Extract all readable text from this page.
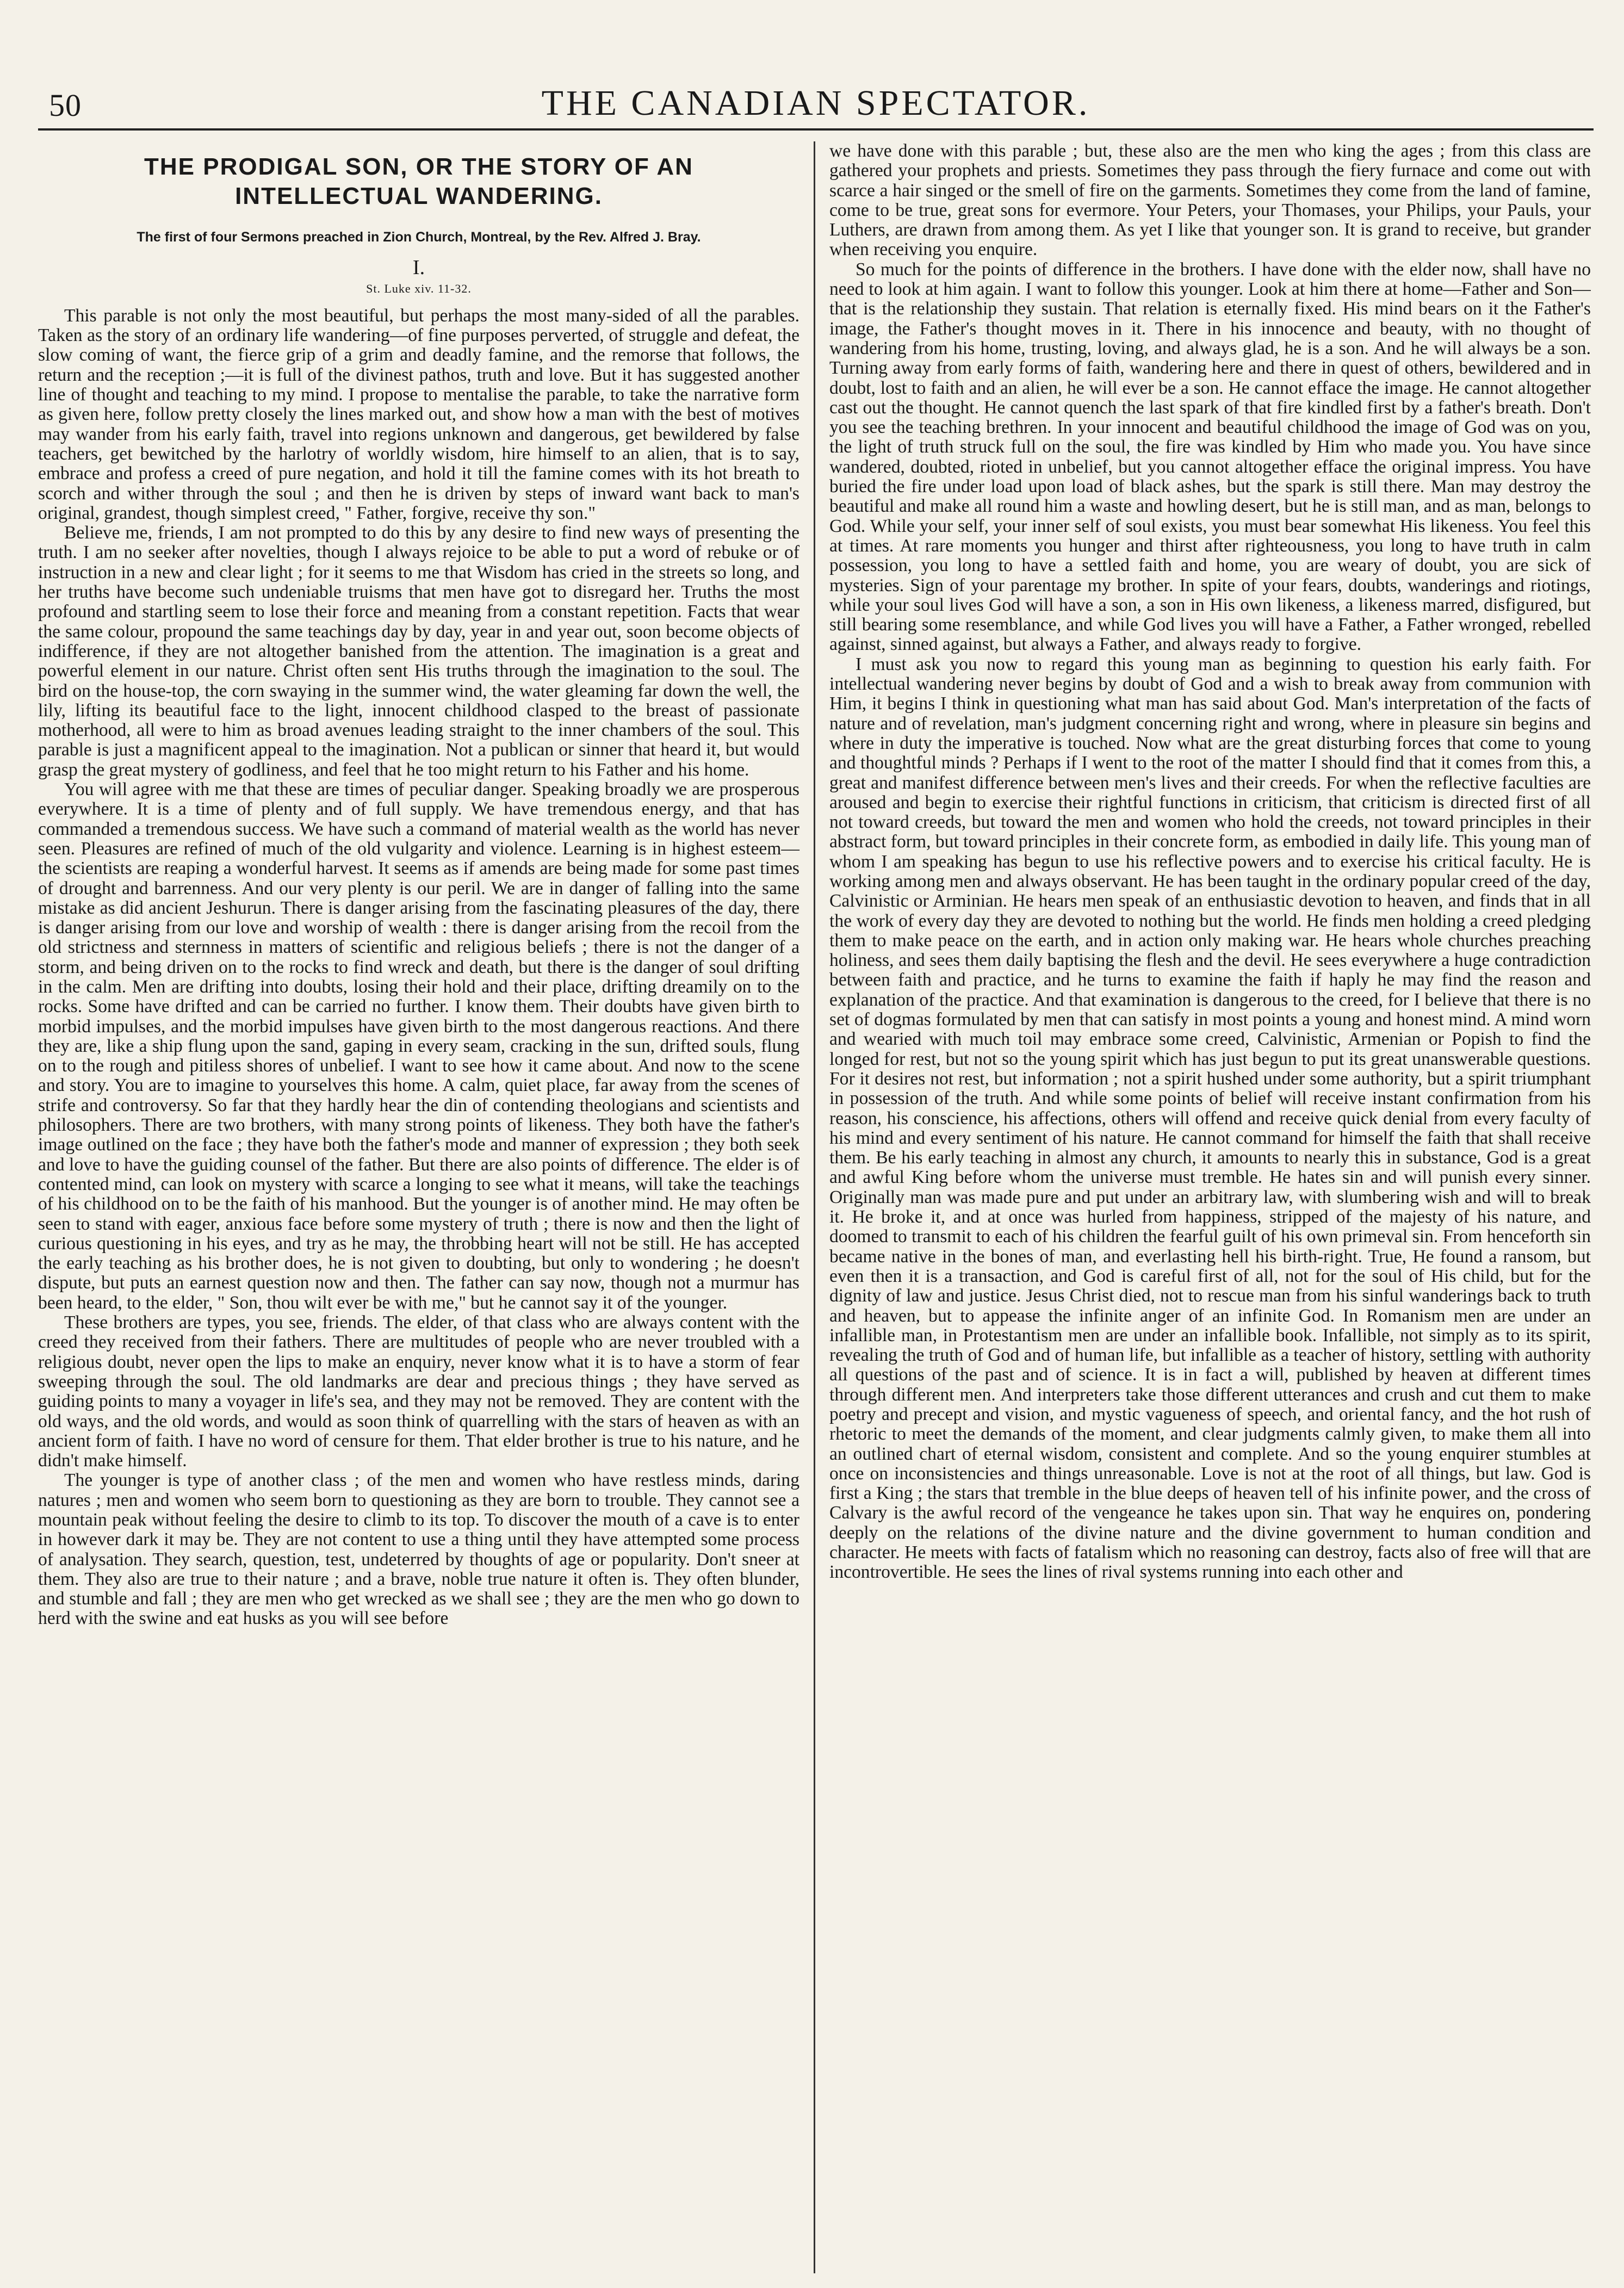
50	THE CANADIAN SPECTATOR.
THE PRODIGAL SON, OR THE STORY OF AN INTELLECTUAL WANDERING.
The first of four Sermons preached in Zion Church, Montreal, by the Rev. Alfred J. Bray.
I.
St. Luke xiv. 11-32.

This parable is not only the most beautiful, but perhaps the most many-sided of all the parables. Taken as the story of an ordinary life wandering—of fine purposes perverted, of struggle and defeat, the slow coming of want, the fierce grip of a grim and deadly famine, and the remorse that follows, the return and the reception ;—it is full of the divinest pathos, truth and love. But it has suggested another line of thought and teaching to my mind. I propose to mentalise the parable, to take the narrative form as given here, follow pretty closely the lines marked out, and show how a man with the best of motives may wander from his early faith, travel into regions unknown and dangerous, get bewildered by false teachers, get bewitched by the harlotry of worldly wisdom, hire himself to an alien, that is to say, embrace and profess a creed of pure negation, and hold it till the famine comes with its hot breath to scorch and wither through the soul ; and then he is driven by steps of inward want back to man's original, grandest, though simplest creed, " Father, forgive, receive thy son."

Believe me, friends, I am not prompted to do this by any desire to find new ways of presenting the truth. I am no seeker after novelties, though I always rejoice to be able to put a word of rebuke or of instruction in a new and clear light ; for it seems to me that Wisdom has cried in the streets so long, and her truths have become such undeniable truisms that men have got to disregard her. Truths the most profound and startling seem to lose their force and meaning from a constant repetition. Facts that wear the same colour, propound the same teachings day by day, year in and year out, soon become objects of indifference, if they are not altogether banished from the attention. The imagination is a great and powerful element in our nature. Christ often sent His truths through the imagination to the soul. The bird on the house-top, the corn swaying in the summer wind, the water gleaming far down the well, the lily, lifting its beautiful face to the light, innocent childhood clasped to the breast of passionate motherhood, all were to him as broad avenues leading straight to the inner chambers of the soul. This parable is just a magnificent appeal to the imagination. Not a publican or sinner that heard it, but would grasp the great mystery of godliness, and feel that he too might return to his Father and his home.

You will agree with me that these are times of peculiar danger. Speaking broadly we are prosperous everywhere. It is a time of plenty and of full supply. We have tremendous energy, and that has commanded a tremendous success. We have such a command of material wealth as the world has never seen. Pleasures are refined of much of the old vulgarity and violence. Learning is in highest esteem—the scientists are reaping a wonderful harvest. It seems as if amends are being made for some past times of drought and barrenness. And our very plenty is our peril. We are in danger of falling into the same mistake as did ancient Jeshurun. There is danger arising from the fascinating pleasures of the day, there is danger arising from our love and worship of wealth : there is danger arising from the recoil from the old strictness and sternness in matters of scientific and religious beliefs ; there is not the danger of a storm, and being driven on to the rocks to find wreck and death, but there is the danger of soul drifting in the calm. Men are drifting into doubts, losing their hold and their place, drifting dreamily on to the rocks. Some have drifted and can be carried no further. I know them. Their doubts have given birth to morbid impulses, and the morbid impulses have given birth to the most dangerous reactions. And there they are, like a ship flung upon the sand, gaping in every seam, cracking in the sun, drifted souls, flung on to the rough and pitiless shores of unbelief. I want to see how it came about. And now to the scene and story. You are to imagine to yourselves this home. A calm, quiet place, far away from the scenes of strife and controversy. So far that they hardly hear the din of contending theologians and scientists and philosophers. There are two brothers, with many strong points of likeness. They both have the father's image outlined on the face ; they have both the father's mode and manner of expression ; they both seek and love to have the guiding counsel of the father. But there are also points of difference. The elder is of contented mind, can look on mystery with scarce a longing to see what it means, will take the teachings of his childhood on to be the faith of his manhood. But the younger is of another mind. He may often be seen to stand with eager, anxious face before some mystery of truth ; there is now and then the light of curious questioning in his eyes, and try as he may, the throbbing heart will not be still. He has accepted the early teaching as his brother does, he is not given to doubting, but only to wondering ; he doesn't dispute, but puts an earnest question now and then. The father can say now, though not a murmur has been heard, to the elder, " Son, thou wilt ever be with me," but he cannot say it of the younger.

These brothers are types, you see, friends. The elder, of that class who are always content with the creed they received from their fathers. There are multitudes of people who are never troubled with a religious doubt, never open the lips to make an enquiry, never know what it is to have a storm of fear sweeping through the soul. The old landmarks are dear and precious things ; they have served as guiding points to many a voyager in life's sea, and they may not be removed. They are content with the old ways, and the old words, and would as soon think of quarrelling with the stars of heaven as with an ancient form of faith. I have no word of censure for them. That elder brother is true to his nature, and he didn't make himself.

The younger is type of another class ; of the men and women who have restless minds, daring natures ; men and women who seem born to questioning as they are born to trouble. They cannot see a mountain peak without feeling the desire to climb to its top. To discover the mouth of a cave is to enter in however dark it may be. They are not content to use a thing until they have attempted some process of analysation. They search, question, test, undeterred by thoughts of age or popularity. Don't sneer at them. They also are true to their nature ; and a brave, noble true nature it often is. They often blunder, and stumble and fall ; they are men who get wrecked as we shall see ; they are the men who go down to herd with the swine and eat husks as you will see before

we have done with this parable ; but, these also are the men who king the ages ; from this class are gathered your prophets and priests. Sometimes they pass through the fiery furnace and come out with scarce a hair singed or the smell of fire on the garments. Sometimes they come from the land of famine, come to be true, great sons for evermore. Your Peters, your Thomases, your Philips, your Pauls, your Luthers, are drawn from among them. As yet I like that younger son. It is grand to receive, but grander when receiving you enquire.

So much for the points of difference in the brothers. I have done with the elder now, shall have no need to look at him again. I want to follow this younger. Look at him there at home—Father and Son—that is the relationship they sustain. That relation is eternally fixed. His mind bears on it the Father's image, the Father's thought moves in it. There in his innocence and beauty, with no thought of wandering from his home, trusting, loving, and always glad, he is a son. And he will always be a son. Turning away from early forms of faith, wandering here and there in quest of others, bewildered and in doubt, lost to faith and an alien, he will ever be a son. He cannot efface the image. He cannot altogether cast out the thought. He cannot quench the last spark of that fire kindled first by a father's breath. Don't you see the teaching brethren. In your innocent and beautiful childhood the image of God was on you, the light of truth struck full on the soul, the fire was kindled by Him who made you. You have since wandered, doubted, rioted in unbelief, but you cannot altogether efface the original impress. You have buried the fire under load upon load of black ashes, but the spark is still there. Man may destroy the beautiful and make all round him a waste and howling desert, but he is still man, and as man, belongs to God. While your self, your inner self of soul exists, you must bear somewhat His likeness. You feel this at times. At rare moments you hunger and thirst after righteousness, you long to have truth in calm possession, you long to have a settled faith and home, you are weary of doubt, you are sick of mysteries. Sign of your parentage my brother. In spite of your fears, doubts, wanderings and riotings, while your soul lives God will have a son, a son in His own likeness, a likeness marred, disfigured, but still bearing some resemblance, and while God lives you will have a Father, a Father wronged, rebelled against, sinned against, but always a Father, and always ready to forgive.

I must ask you now to regard this young man as beginning to question his early faith. For intellectual wandering never begins by doubt of God and a wish to break away from communion with Him, it begins I think in questioning what man has said about God. Man's interpretation of the facts of nature and of revelation, man's judgment concerning right and wrong, where in pleasure sin begins and where in duty the imperative is touched. Now what are the great disturbing forces that come to young and thoughtful minds ? Perhaps if I went to the root of the matter I should find that it comes from this, a great and manifest difference between men's lives and their creeds. For when the reflective faculties are aroused and begin to exercise their rightful functions in criticism, that criticism is directed first of all not toward creeds, but toward the men and women who hold the creeds, not toward principles in their abstract form, but toward principles in their concrete form, as embodied in daily life. This young man of whom I am speaking has begun to use his reflective powers and to exercise his critical faculty. He is working among men and always observant. He has been taught in the ordinary popular creed of the day, Calvinistic or Arminian. He hears men speak of an enthusiastic devotion to heaven, and finds that in all the work of every day they are devoted to nothing but the world. He finds men holding a creed pledging them to make peace on the earth, and in action only making war. He hears whole churches preaching holiness, and sees them daily baptising the flesh and the devil. He sees everywhere a huge contradiction between faith and practice, and he turns to examine the faith if haply he may find the reason and explanation of the practice. And that examination is dangerous to the creed, for I believe that there is no set of dogmas formulated by men that can satisfy in most points a young and honest mind. A mind worn and wearied with much toil may embrace some creed, Calvinistic, Armenian or Popish to find the longed for rest, but not so the young spirit which has just begun to put its great unanswerable questions. For it desires not rest, but information ; not a spirit hushed under some authority, but a spirit triumphant in possession of the truth. And while some points of belief will receive instant confirmation from his reason, his conscience, his affections, others will offend and receive quick denial from every faculty of his mind and every sentiment of his nature. He cannot command for himself the faith that shall receive them. Be his early teaching in almost any church, it amounts to nearly this in substance, God is a great and awful King before whom the universe must tremble. He hates sin and will punish every sinner. Originally man was made pure and put under an arbitrary law, with slumbering wish and will to break it. He broke it, and at once was hurled from happiness, stripped of the majesty of his nature, and doomed to transmit to each of his children the fearful guilt of his own primeval sin. From henceforth sin became native in the bones of man, and everlasting hell his birth-right. True, He found a ransom, but even then it is a transaction, and God is careful first of all, not for the soul of His child, but for the dignity of law and justice. Jesus Christ died, not to rescue man from his sinful wanderings back to truth and heaven, but to appease the infinite anger of an infinite God. In Romanism men are under an infallible man, in Protestantism men are under an infallible book. Infallible, not simply as to its spirit, revealing the truth of God and of human life, but infallible as a teacher of history, settling with authority all questions of the past and of science. It is in fact a will, published by heaven at different times through different men. And interpreters take those different utterances and crush and cut them to make poetry and precept and vision, and mystic vagueness of speech, and oriental fancy, and the hot rush of rhetoric to meet the demands of the moment, and clear judgments calmly given, to make them all into an outlined chart of eternal wisdom, consistent and complete. And so the young enquirer stumbles at once on inconsistencies and things unreasonable. Love is not at the root of all things, but law. God is first a King ; the stars that tremble in the blue deeps of heaven tell of his infinite power, and the cross of Calvary is the awful record of the vengeance he takes upon sin. That way he enquires on, pondering deeply on the relations of the divine nature and the divine government to human condition and character. He meets with facts of fatalism which no reasoning can destroy, facts also of free will that are incontrovertible. He sees the lines of rival systems running into each other and
